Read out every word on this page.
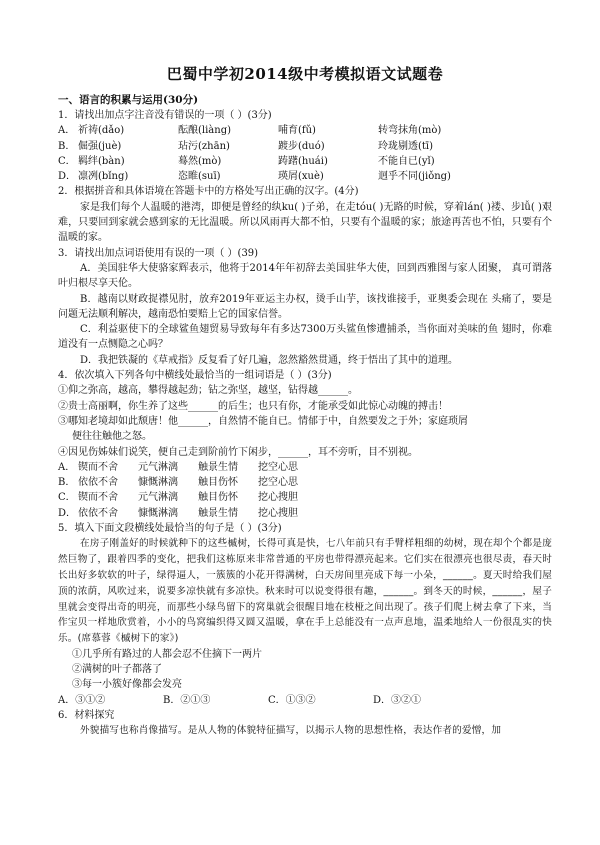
巴蜀中学初2014级中考模拟语文试题卷
一、语言的积累与运用(30分)
1．请找出加点字注音没有错误的一项（ ）(3分)
A． 祈祷(dǎo)	酝酿(liàng)	哺育(fǔ)	转弯抹角(mò)
B． 倔强(juè)	玷污(zhān)	踱步(duó)	玲珑剔透(tī)
C． 羁绊(bàn)	蓦然(mò)	踌躇(huái)	不能自已(yǐ)
D． 凛冽(bǐng)	恣睢(suī)	瑛屑(xuè)	迥乎不同(jiǒng)
2．根据拼音和具体语境在答题卡中的方格处写出正确的汉字。(4分)
家是我们每个人温暖的港湾，即便是曾经的纨ku( )子弟，在走tóu( )无路的时候，穿着lán( )褛、步lǚ( )艰难，只要回到家就会感到家的无比温暖。所以风雨再大都不怕，只要有个温暖的家；旅途再苦也不怕，只要有个温暖的家。
3．请找出加点词语使用有误的一项（ ）(39)
A．美国驻华大使骆家辉表示，他将于2014年年初辞去美国驻华大使，回到西雅图与家人团聚， 真可谓落叶归根尽享天伦。
B．越南以财政捉襟见肘，放弃2019年亚运主办权，烫手山芋，该找谁接手，亚奥委会现在 头痛了，要是问题无法顺利解决，越南恐怕要赔上它的国家信誉。
C．利益驱使下的全球鲨鱼翅贸易导致每年有多达7300万头鲨鱼惨遭捕杀，当你面对美味的鱼 翅时，你难道没有一点恻隐之心吗？
D．我把铁凝的《草戒指》反复看了好几遍，忽然豁然贯通，终于悟出了其中的道理。
4．依次填入下列各句中横线处最恰当的一组词语是（ ）(3分)
①仰之弥高，越高，攀得越起劲；钻之弥坚，越坚，钻得越______。
②贵士高丽啊，你生养了这些______的后生；也只有你，才能承受如此惊心动魄的搏击！
③哪知老境却如此颓唐！他______，自然情不能自已。情郁于中，自然要发之于外；家庭琐屑
便往往触他之怒。
④因见伤姊妹们说笑，便自己走到阶前竹下闲步，______，耳不旁听，目不别视。
A． 锲而不舍	元气淋漓	触景生情	挖空心思
B． 依依不舍	慷慨淋漓	触目伤怀	挖空心思
C． 锲而不舍	元气淋漓	触目伤怀	挖心搜胆
D． 依依不舍	慷慨淋漓	触景生情	挖心搜胆
5．填入下面文段横线处最恰当的句子是（ ）(3分)
在房子刚盖好的时候就种下的这些槭树，长得可真是快，七八年前只有手臂样粗细的幼树，现在却个个都是庞然巨物了，跟着四季的变化，把我们这栋原来非常普通的平房也带得漂亮起来。它们实在很漂亮也很尽责，春天时长出好多软软的叶子，绿得逼人，一簇簇的小花开得满树，白天房间里亮成下每一小朵，______。夏天时给我们屋顶的浓荫，风吹过来，说要多凉快就有多凉快。秋来时可以说变得很有趣，______。到冬天的时候，______，屋子里就会变得出奇的明亮，而那些小绿鸟留下的窝巢就会很醒目地在枝桠之间出现了。孩子们爬上树去拿了下来，当作宝贝一样地欣赏着，小小的鸟窝编织得又圆又温暖，拿在手上总能没有一点声息地，温柔地给人一份很乱实的快乐。(席慕蓉《槭树下的家》)
①几乎所有路过的人都会忍不住摘下一两片
②满树的叶子都落了
③每一小簇好像都会发亮
A．③①②	B．②①③	C．①③②	D．③②①
6．材料探究
外貌描写也称肖像描写。是从人物的体貌特征描写，以揭示人物的思想性格，表达作者的爱憎，加
